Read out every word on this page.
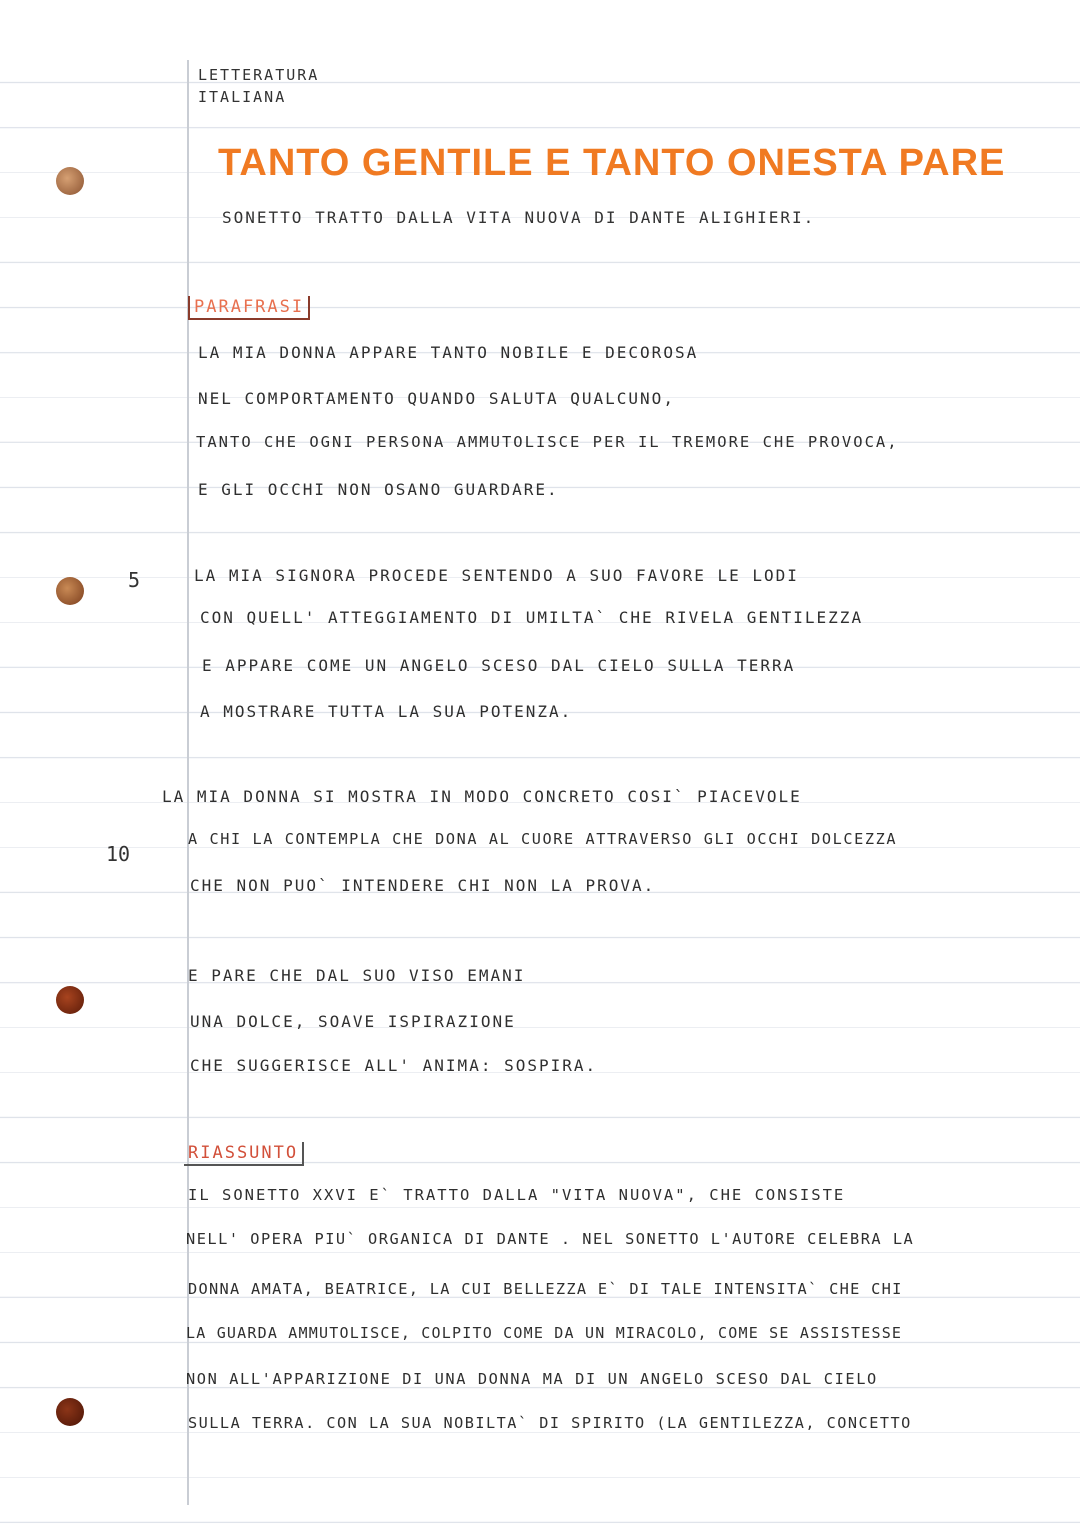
LETTERATURA
ITALIANA
TANTO GENTILE E TANTO ONESTA PARE
SONETTO TRATTO DALLA VITA NUOVA DI DANTE ALIGHIERI.
PARAFRASI
LA MIA DONNA APPARE TANTO NOBILE E DECOROSA
NEL COMPORTAMENTO QUANDO SALUTA QUALCUNO,
TANTO CHE OGNI PERSONA AMMUTOLISCE PER IL TREMORE CHE PROVOCA,
E GLI OCCHI NON OSANO GUARDARE.
5	LA MIA SIGNORA PROCEDE SENTENDO A SUO FAVORE LE LODI
CON QUELL' ATTEGGIAMENTO DI UMILTA` CHE RIVELA GENTILEZZA
E APPARE COME UN ANGELO SCESO DAL CIELO SULLA TERRA
A MOSTRARE TUTTA LA SUA POTENZA.
10
LA MIA DONNA SI MOSTRA IN MODO CONCRETO COSI` PIACEVOLE
A CHI LA CONTEMPLA CHE DONA AL CUORE ATTRAVERSO GLI OCCHI DOLCEZZA
CHE NON PUO` INTENDERE CHI NON LA PROVA.
E PARE CHE DAL SUO VISO EMANI
UNA DOLCE, SOAVE ISPIRAZIONE
CHE SUGGERISCE ALL' ANIMA: SOSPIRA.
RIASSUNTO
IL SONETTO XXVI E` TRATTO DALLA "VITA NUOVA", CHE CONSISTE
NELL' OPERA PIU` ORGANICA DI DANTE . NEL SONETTO L'AUTORE CELEBRA LA
DONNA AMATA, BEATRICE, LA CUI BELLEZZA E` DI TALE INTENSITA` CHE CHI
LA GUARDA AMMUTOLISCE, COLPITO COME DA UN MIRACOLO, COME SE ASSISTESSE
NON ALL'APPARIZIONE DI UNA DONNA MA DI UN ANGELO SCESO DAL CIELO
SULLA TERRA. CON LA SUA NOBILTA` DI SPIRITO (LA GENTILEZZA, CONCETTO
